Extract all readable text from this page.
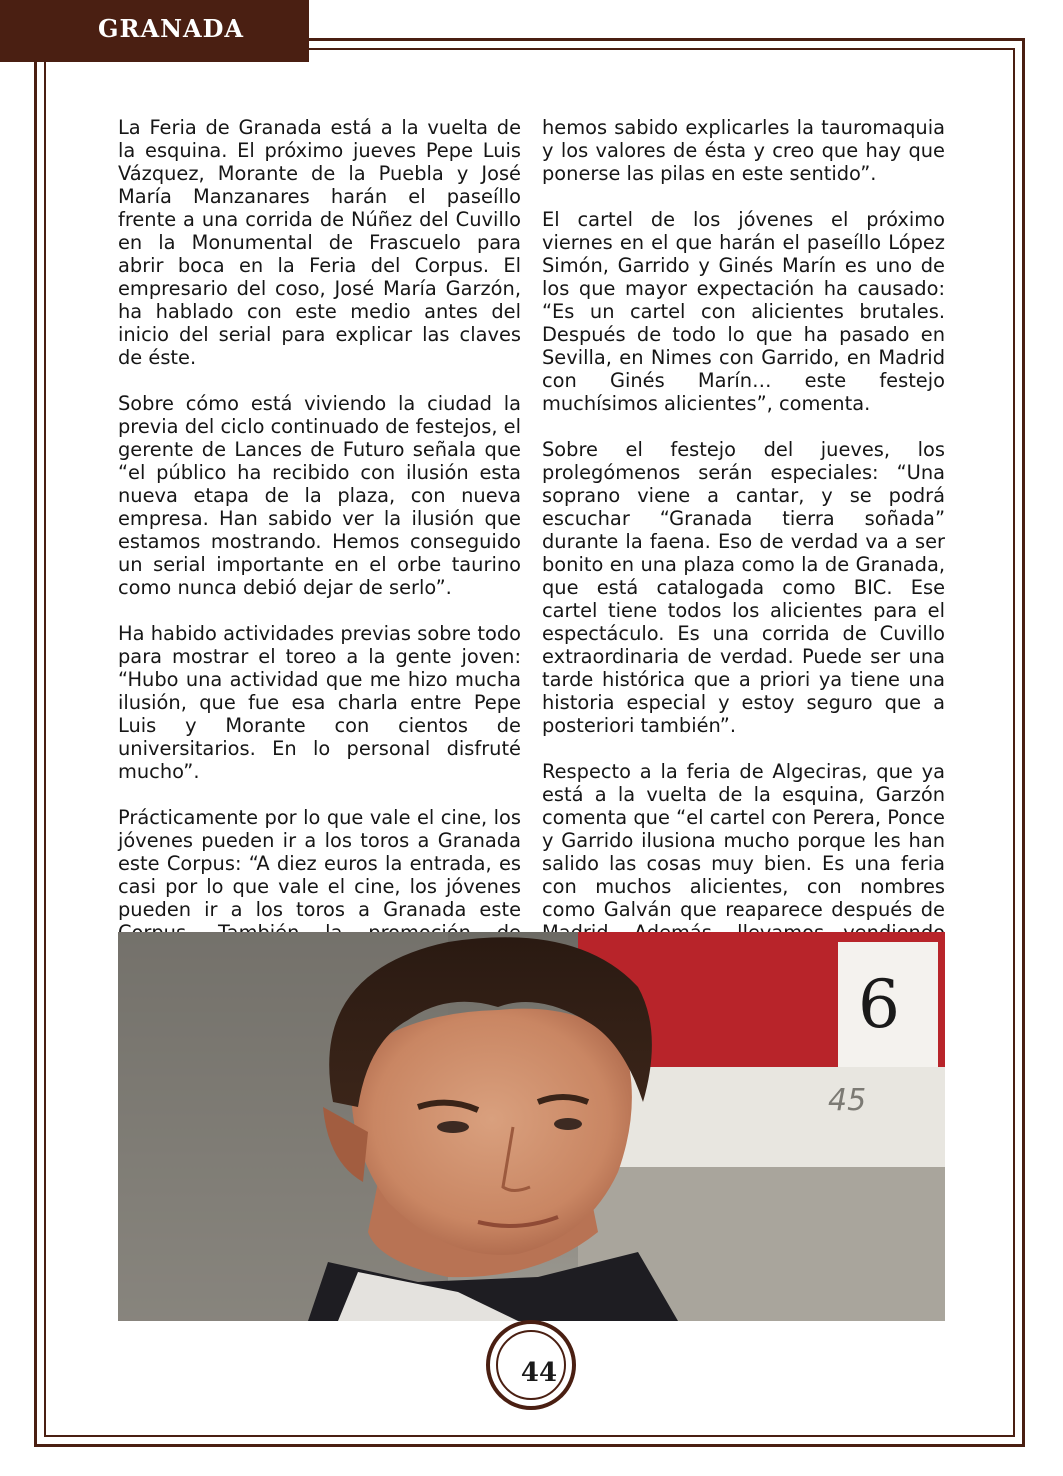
GRANADA

La Feria de Granada está a la vuelta de la esquina. El próximo jueves Pepe Luis Vázquez, Morante de la Puebla y José María Manzanares harán el paseíllo frente a una corrida de Núñez del Cuvillo en la Monumental de Frascuelo para abrir boca en la Feria del Corpus. El empresario del coso, José María Garzón, ha hablado con este medio antes del inicio del serial para explicar las claves de éste.

Sobre cómo está viviendo la ciudad la previa del ciclo continuado de festejos, el gerente de Lances de Futuro señala que “el público ha recibido con ilusión esta nueva etapa de la plaza, con nueva empresa. Han sabido ver la ilusión que estamos mostrando. Hemos conseguido un serial importante en el orbe taurino como nunca debió dejar de serlo”.

Ha habido actividades previas sobre todo para mostrar el toreo a la gente joven: “Hubo una actividad que me hizo mucha ilusión, que fue esa charla entre Pepe Luis y Morante con cientos de universitarios. En lo personal disfruté mucho”.

Prácticamente por lo que vale el cine, los jóvenes pueden ir a los toros a Granada este Corpus: “A diez euros la entrada, es casi por lo que vale el cine, los jóvenes pueden ir a los toros a Granada este

hemos sabido explicarles la tauromaquia y los valores de ésta y creo que hay que ponerse las pilas en este sentido”.

El cartel de los jóvenes el próximo viernes en el que harán el paseíllo López Simón, Garrido y Ginés Marín es uno de los que mayor expectación ha causado: “Es un cartel con alicientes brutales. Después de todo lo que ha pasado en Sevilla, en Nimes con Garrido, en Madrid con Ginés Marín… este festejo muchísimos alicientes”, comenta.

Sobre el festejo del jueves, los prolegómenos serán especiales: “Una soprano viene a cantar, y se podrá escuchar “Granada tierra soñada” durante la faena. Eso de verdad va a ser bonito en una plaza como la de Granada, que está catalogada como BIC. Ese cartel tiene todos los alicientes para el espectáculo. Es una corrida de Cuvillo extraordinaria de verdad. Puede ser una tarde histórica que a priori ya tiene una historia especial y estoy seguro que a posteriori también”.

Respecto a la feria de Algeciras, que ya está a la vuelta de la esquina, Garzón comenta que “el cartel con Perera, Ponce y Garrido ilusiona mucho porque les han salido las cosas muy bien. Es una feria con muchos alicientes, con nombres como Galván que reaparece después de

6
45
44
